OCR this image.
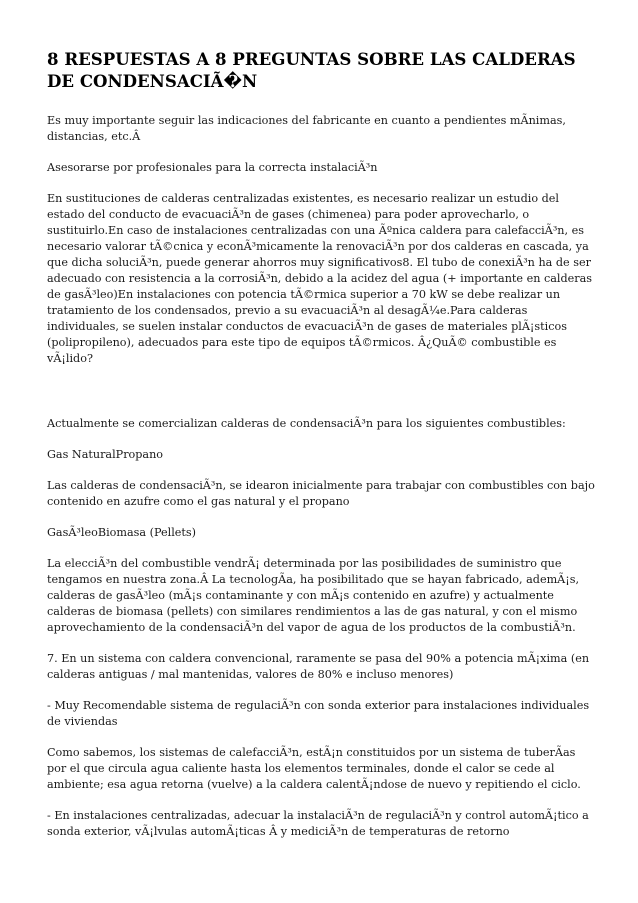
8 RESPUESTAS A 8 PREGUNTAS SOBRE LAS CALDERAS DE CONDENSACIÃ�N

Es muy importante seguir las indicaciones del fabricante en cuanto a pendientes mÃnimas, distancias, etc.Â

Asesorarse por profesionales para la correcta instalaciÃ³n

En sustituciones de calderas centralizadas existentes, es necesario realizar un estudio del estado del conducto de evacuaciÃ³n de gases (chimenea) para poder aprovecharlo, o sustituirlo.En caso de instalaciones centralizadas con una Ãºnica caldera para calefacciÃ³n, es necesario valorar tÃ©cnica y econÃ³micamente la renovaciÃ³n por dos calderas en cascada, ya que dicha soluciÃ³n, puede generar ahorros muy significativos8. El tubo de conexiÃ³n ha de ser adecuado con resistencia a la corrosiÃ³n, debido a la acidez del agua (+ importante en calderas de gasÃ³leo)En instalaciones con potencia tÃ©rmica superior a 70 kW se debe realizar un tratamiento de los condensados, previo a su evacuaciÃ³n al desagÃ¼e.Para calderas individuales, se suelen instalar conductos de evacuaciÃ³n de gases de materiales plÃ¡sticos (polipropileno), adecuados para este tipo de equipos tÃ©rmicos. Â¿QuÃ© combustible es vÃ¡lido?

Actualmente se comercializan calderas de condensaciÃ³n para los siguientes combustibles:

Gas NaturalPropano

Las calderas de condensaciÃ³n, se idearon inicialmente para trabajar con combustibles con bajo contenido en azufre como el gas natural y el propano

GasÃ³leoBiomasa (Pellets)

La elecciÃ³n del combustible vendrÃ¡ determinada por las posibilidades de suministro que tengamos en nuestra zona.Â La tecnologÃa, ha posibilitado que se hayan fabricado, ademÃ¡s, calderas de gasÃ³leo (mÃ¡s contaminante y con mÃ¡s contenido en azufre) y actualmente calderas de biomasa (pellets) con similares rendimientos a las de gas natural, y con el mismo aprovechamiento de la condensaciÃ³n del vapor de agua de los productos de la combustiÃ³n.

7. En un sistema con caldera convencional, raramente se pasa del 90% a potencia mÃ¡xima (en calderas antiguas / mal mantenidas, valores de 80% e incluso menores)

- Muy Recomendable sistema de regulaciÃ³n con sonda exterior para instalaciones individuales de viviendas

Como sabemos, los sistemas de calefacciÃ³n, estÃ¡n constituidos por un sistema de tuberÃas por el que circula agua caliente hasta los elementos terminales, donde el calor se cede al ambiente; esa agua retorna (vuelve) a la caldera calentÃ¡ndose de nuevo y repitiendo el ciclo.

- En instalaciones centralizadas, adecuar la instalaciÃ³n de regulaciÃ³n y control automÃ¡tico a sonda exterior, vÃ¡lvulas automÃ¡ticas Â y mediciÃ³n de temperaturas de retorno
